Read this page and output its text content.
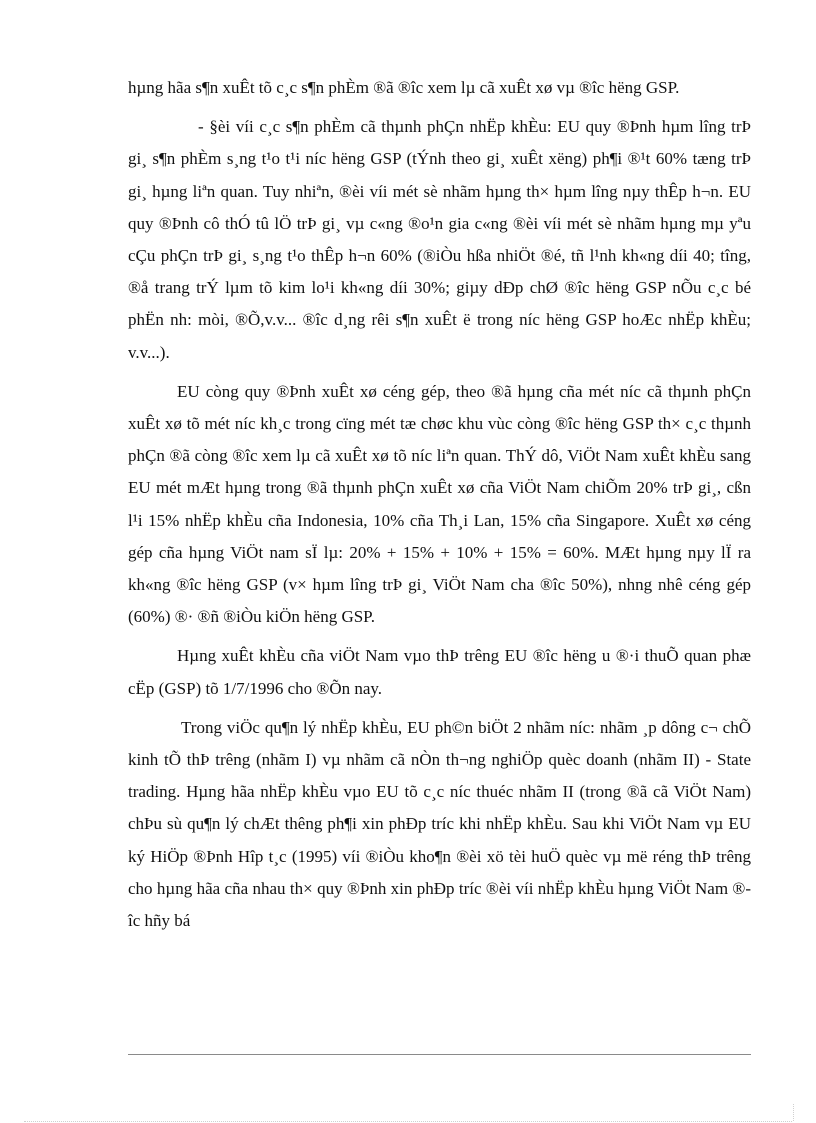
hµng hãa s¶n xuÊt tõ c¸c s¶n phÈm ®ã ®îc xem lµ cã xuÊt xø vµ ®îc hëng GSP.

- §èi víi c¸c s¶n phÈm cã thµnh phÇn nhËp khÈu: EU quy ®Þnh hµm lîng trÞ gi¸ s¶n phÈm s¸ng t¹o t¹i níc hëng GSP (tÝnh theo gi¸ xuÊt xëng) ph¶i ®¹t 60% tæng trÞ gi¸ hµng liªn quan. Tuy nhiªn, ®èi víi mét sè nhãm hµng th× hµm lîng nµy thÊp h¬n. EU quy ®Þnh cô thÓ tû lÖ trÞ gi¸ vµ c«ng ®o¹n gia c«ng ®èi víi mét sè nhãm hµng mµ yªu cÇu phÇn trÞ gi¸ s¸ng t¹o thÊp h¬n 60% (®iÒu hßa nhiÖt ®é, tñ l¹nh kh«ng díi 40; tîng, ®å trang trÝ lµm tõ kim lo¹i kh«ng díi 30%; giµy dÐp chØ ®îc hëng GSP nÕu c¸c bé phËn nh: mòi, ®Õ,v.v... ®îc d¸ng rêi s¶n xuÊt ë trong níc hëng GSP hoÆc nhËp khÈu; v.v...).

EU còng quy ®Þnh xuÊt xø céng gép, theo ®ã hµng cña mét níc cã thµnh phÇn xuÊt xø tõ mét níc kh¸c trong cïng mét tæ chøc khu vùc còng ®îc hëng GSP th× c¸c thµnh phÇn ®ã còng ®îc xem lµ cã xuÊt xø tõ níc liªn quan. ThÝ dô, ViÖt Nam xuÊt khÈu sang EU mét mÆt hµng trong ®ã thµnh phÇn xuÊt xø cña ViÖt Nam chiÕm 20% trÞ gi¸, cßn l¹i 15% nhËp khÈu cña Indonesia, 10% cña Th¸i Lan, 15% cña Singapore. XuÊt xø céng gép cña hµng ViÖt nam sÏ lµ: 20% + 15% + 10% + 15% = 60%. MÆt hµng nµy lÏ ra kh«ng ®îc hëng GSP (v× hµm lîng trÞ gi¸ ViÖt Nam cha ®îc 50%), nhng nhê céng gép (60%) ®· ®ñ ®iÒu kiÖn hëng GSP.

Hµng xuÊt khÈu cña viÖt Nam vµo thÞ trêng EU ®îc hëng u ®·i thuÕ quan phæ cËp (GSP) tõ 1/7/1996 cho ®Õn nay.

Trong viÖc qu¶n lý nhËp khÈu, EU ph©n biÖt 2 nhãm níc: nhãm ¸p dông c¬ chÕ kinh tÕ thÞ trêng (nhãm I) vµ nhãm cã nÒn th¬ng nghiÖp quèc doanh (nhãm II) - State trading. Hµng hãa nhËp khÈu vµo EU tõ c¸c níc thuéc nhãm II (trong ®ã cã ViÖt Nam) chÞu sù qu¶n lý chÆt thêng ph¶i xin phÐp tríc khi nhËp khÈu. Sau khi ViÖt Nam vµ EU ký HiÖp ®Þnh Hîp t¸c (1995) víi ®iÒu kho¶n ®èi xö tèi huÖ quèc vµ më réng thÞ trêng cho hµng hãa cña nhau th× quy ®Þnh xin phÐp tríc ®èi víi nhËp khÈu hµng ViÖt Nam ®îc hñy bá
